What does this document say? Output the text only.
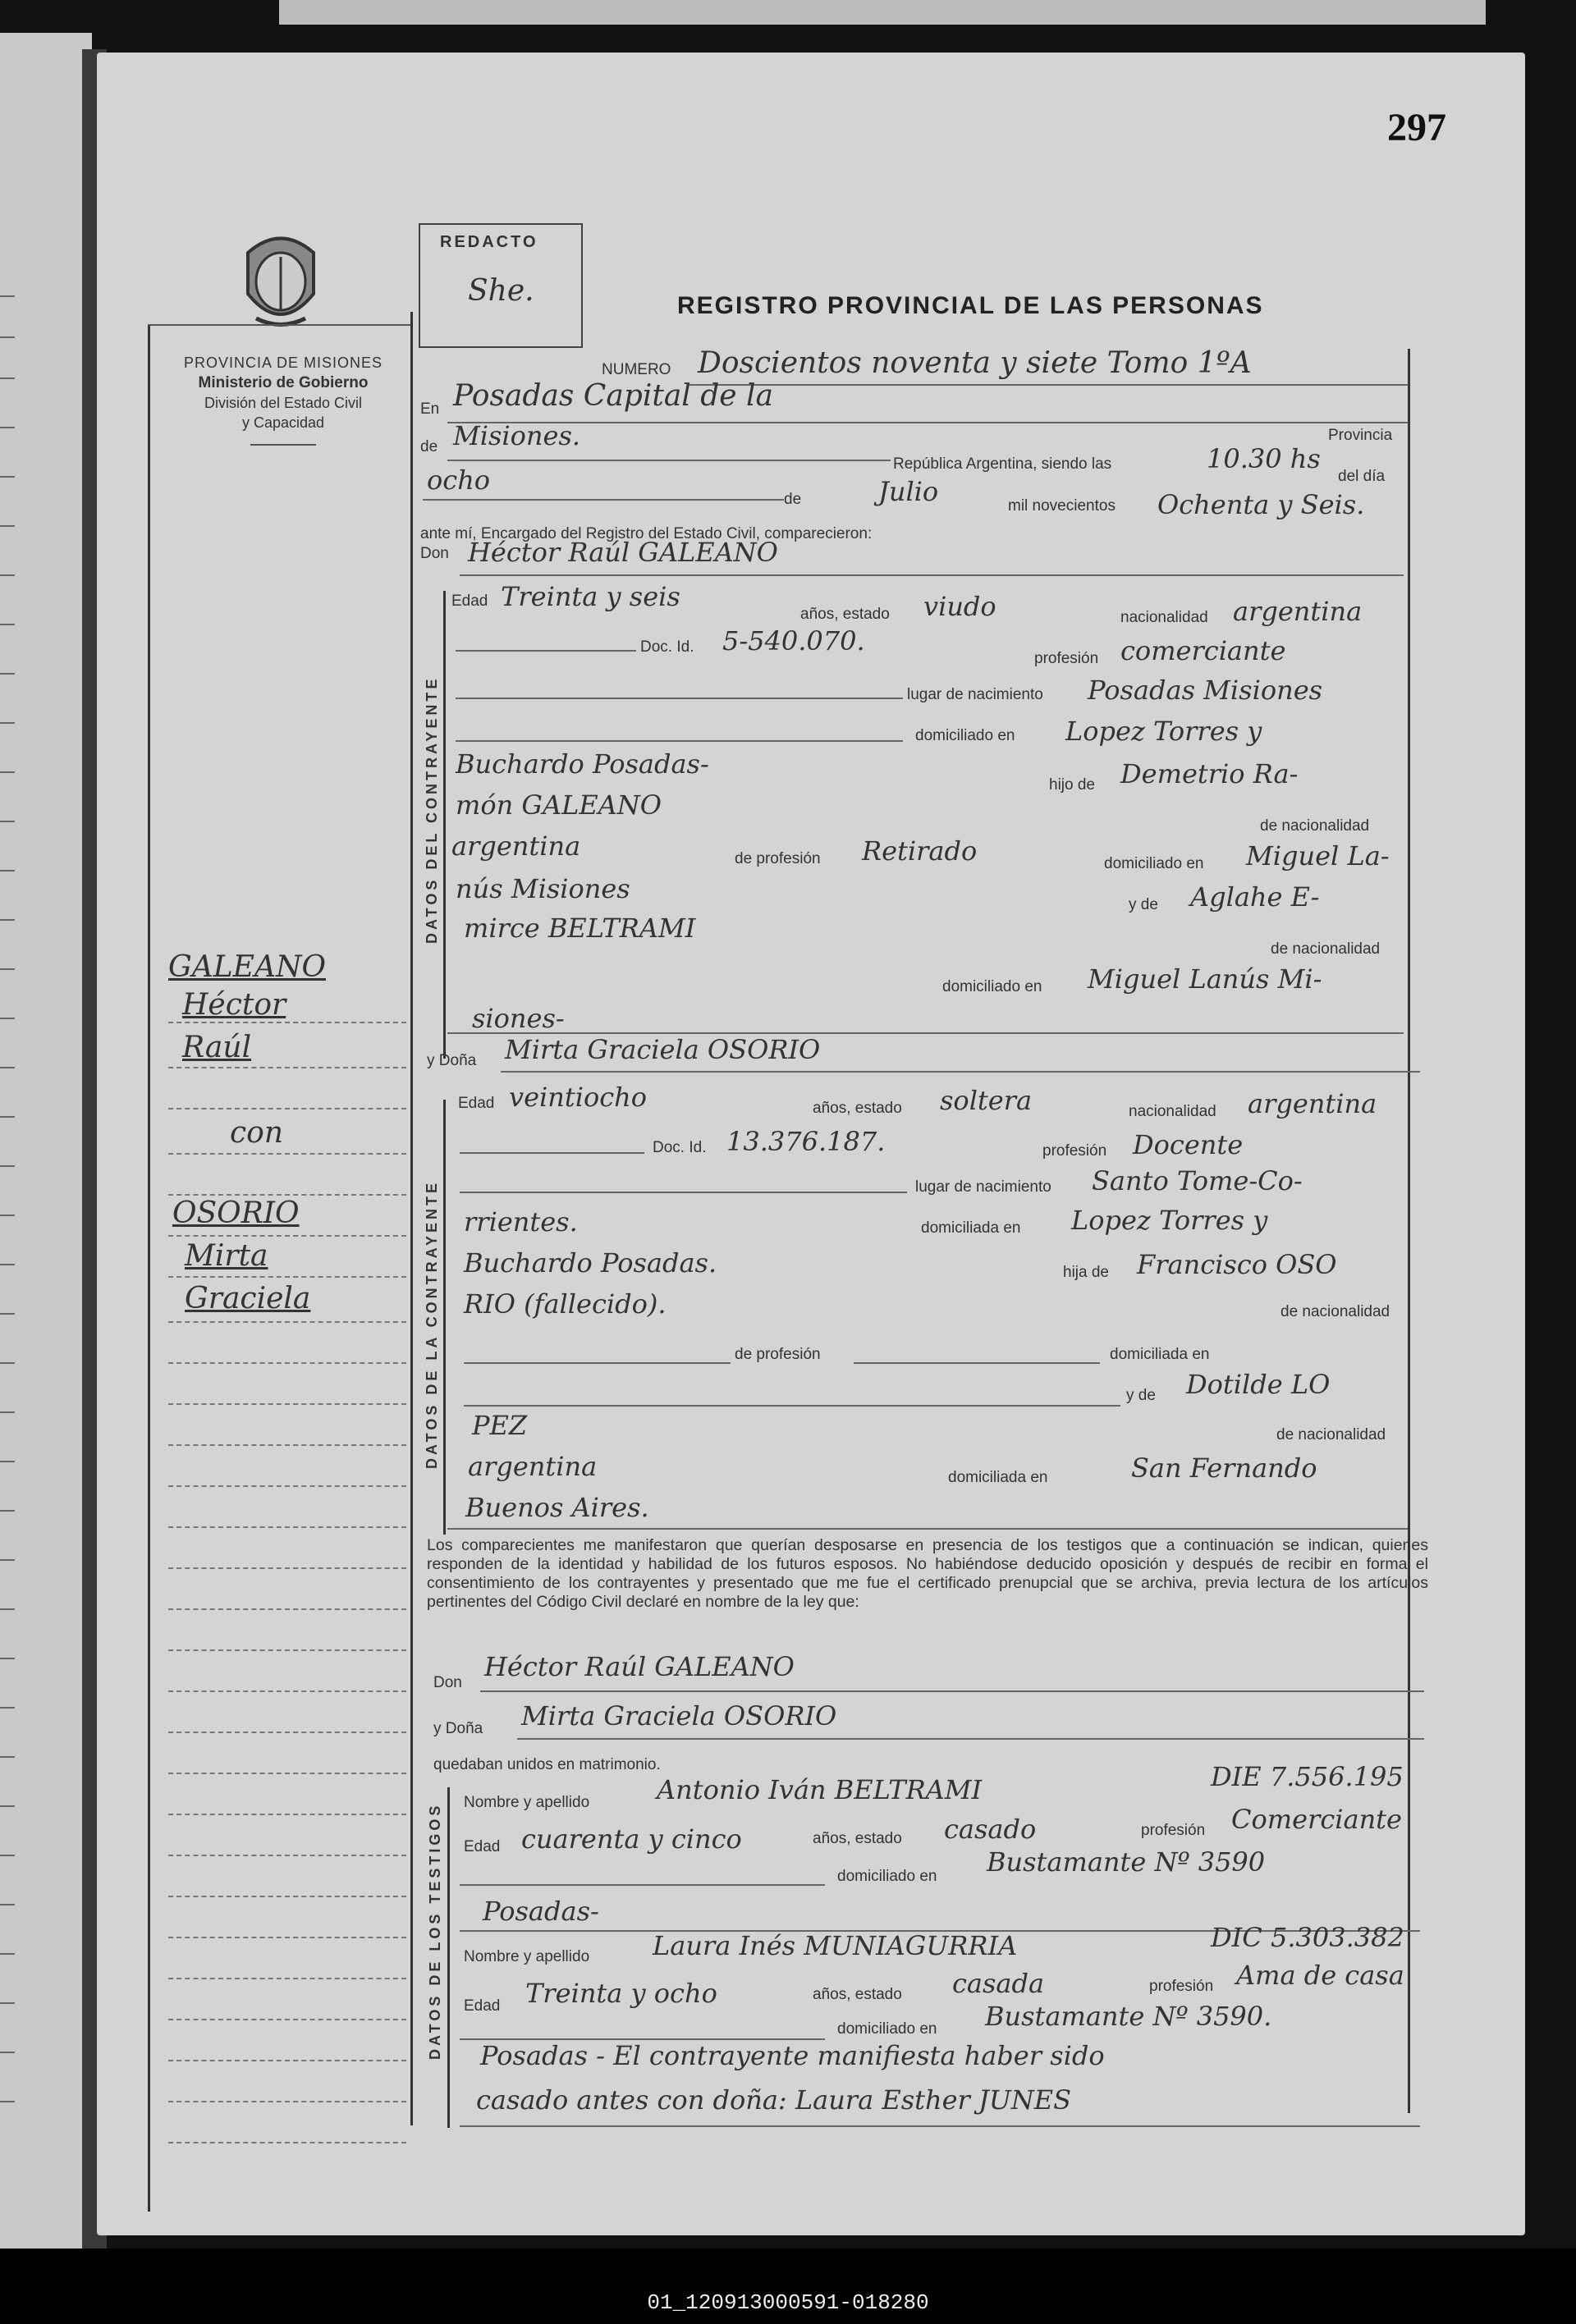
297
PROVINCIA DE MISIONES
Ministerio de Gobierno
División del Estado Civil
y Capacidad
REDACTO
She.	REGISTRO PROVINCIAL DE LAS PERSONAS
DATOS DEL CONTRAYENTE
DATOS DE LA CONTRAYENTE
DATOS DE LOS TESTIGOS
NUMERO Doscientos noventa y siete Tomo 1ºA
En Posadas Capital de la
Provincia
de Misiones.
República Argentina, siendo las	10.30 hs
del día
ocho
de	Julio	mil novecientos Ochenta y Seis.
ante mí, Encargado del Registro del Estado Civil, comparecieron:
Don Héctor Raúl GALEANO
Edad Treinta y seis
años, estado viudo	nacionalidad argentina
Doc. Id. 5-540.070.
profesión comerciante
lugar de nacimiento Posadas Misiones
domiciliado en Lopez Torres y
Buchardo Posadas-
hijo de Demetrio Ra-
món GALEANO
de nacionalidad
argentina	de profesión Retirado	domiciliado en Miguel La-
nús Misiones
y de Aglahe E-
mirce BELTRAMI
de nacionalidad
domiciliado en Miguel Lanús Mi-
siones-
y Doña Mirta Graciela OSORIO
Edad veintiocho	años, estado soltera	nacionalidad argentina
Doc. Id. 13.376.187.	profesión Docente
lugar de nacimiento Santo Tome-Co-
rrientes.	domiciliada en Lopez Torres y
Buchardo Posadas.	hija de Francisco OSO
RIO (fallecido).	de nacionalidad
de profesión	domiciliada en
y de Dotilde LO
PEZ	de nacionalidad
argentina	domiciliada en	San Fernando
Buenos Aires.
Los comparecientes me manifestaron que querían desposarse en presencia de los testigos que a continuación se indican, quienes responden de la identidad y habilidad de los futuros esposos. No habiéndose deducido oposición y después de recibir en forma el consentimiento de los contrayentes y presentado que me fue el certificado prenupcial que se archiva, previa lectura de los artículos pertinentes del Código Civil declaré en nombre de la ley que:
Don
Héctor Raúl GALEANO
y Doña Mirta Graciela OSORIO
quedaban unidos en matrimonio.
Nombre y apellido	Antonio Iván BELTRAMI	DIE 7.556.195
Edad cuarenta y cinco	años, estado casado	profesión Comerciante
domiciliado en Bustamante Nº 3590
Posadas-
Nombre y apellido Laura Inés MUNIAGURRIA	DIC 5.303.382
Edad Treinta y ocho	años, estado casada	profesión Ama de casa
domiciliado en Bustamante Nº 3590.
Posadas - El contrayente manifiesta haber sido
casado antes con doña: Laura Esther JUNES
GALEANO
Héctor
Raúl
con
OSORIO
Mirta
Graciela
01_120913000591-018280
